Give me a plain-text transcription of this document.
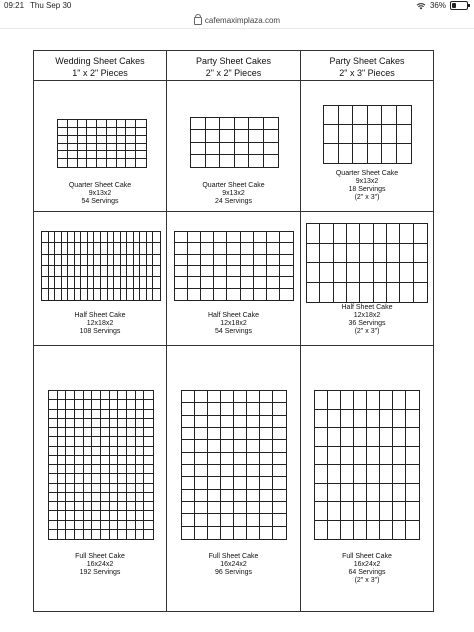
09:21 Thu Sep 30	36%
cafemaximplaza.com
Wedding Sheet Cakes
1" x 2" Pieces
Party Sheet Cakes
2" x 2" Pieces
Party Sheet Cakes
2" x 3" Pieces
Quarter Sheet Cake
9x13x2
54 Servings
Quarter Sheet Cake
9x13x2
24 Servings
Quarter Sheet Cake
9x13x2
18 Servings
(2" x 3")
Half Sheet Cake
12x18x2
108 Servings
Half Sheet Cake
12x18x2
54 Servings
Half Sheet Cake
12x18x2
36 Servings
(2" x 3")
Full Sheet Cake
16x24x2
192 Servings
Full Sheet Cake
16x24x2
96 Servings
Full Sheet Cake
16x24x2
64 Servings
(2" x 3")
